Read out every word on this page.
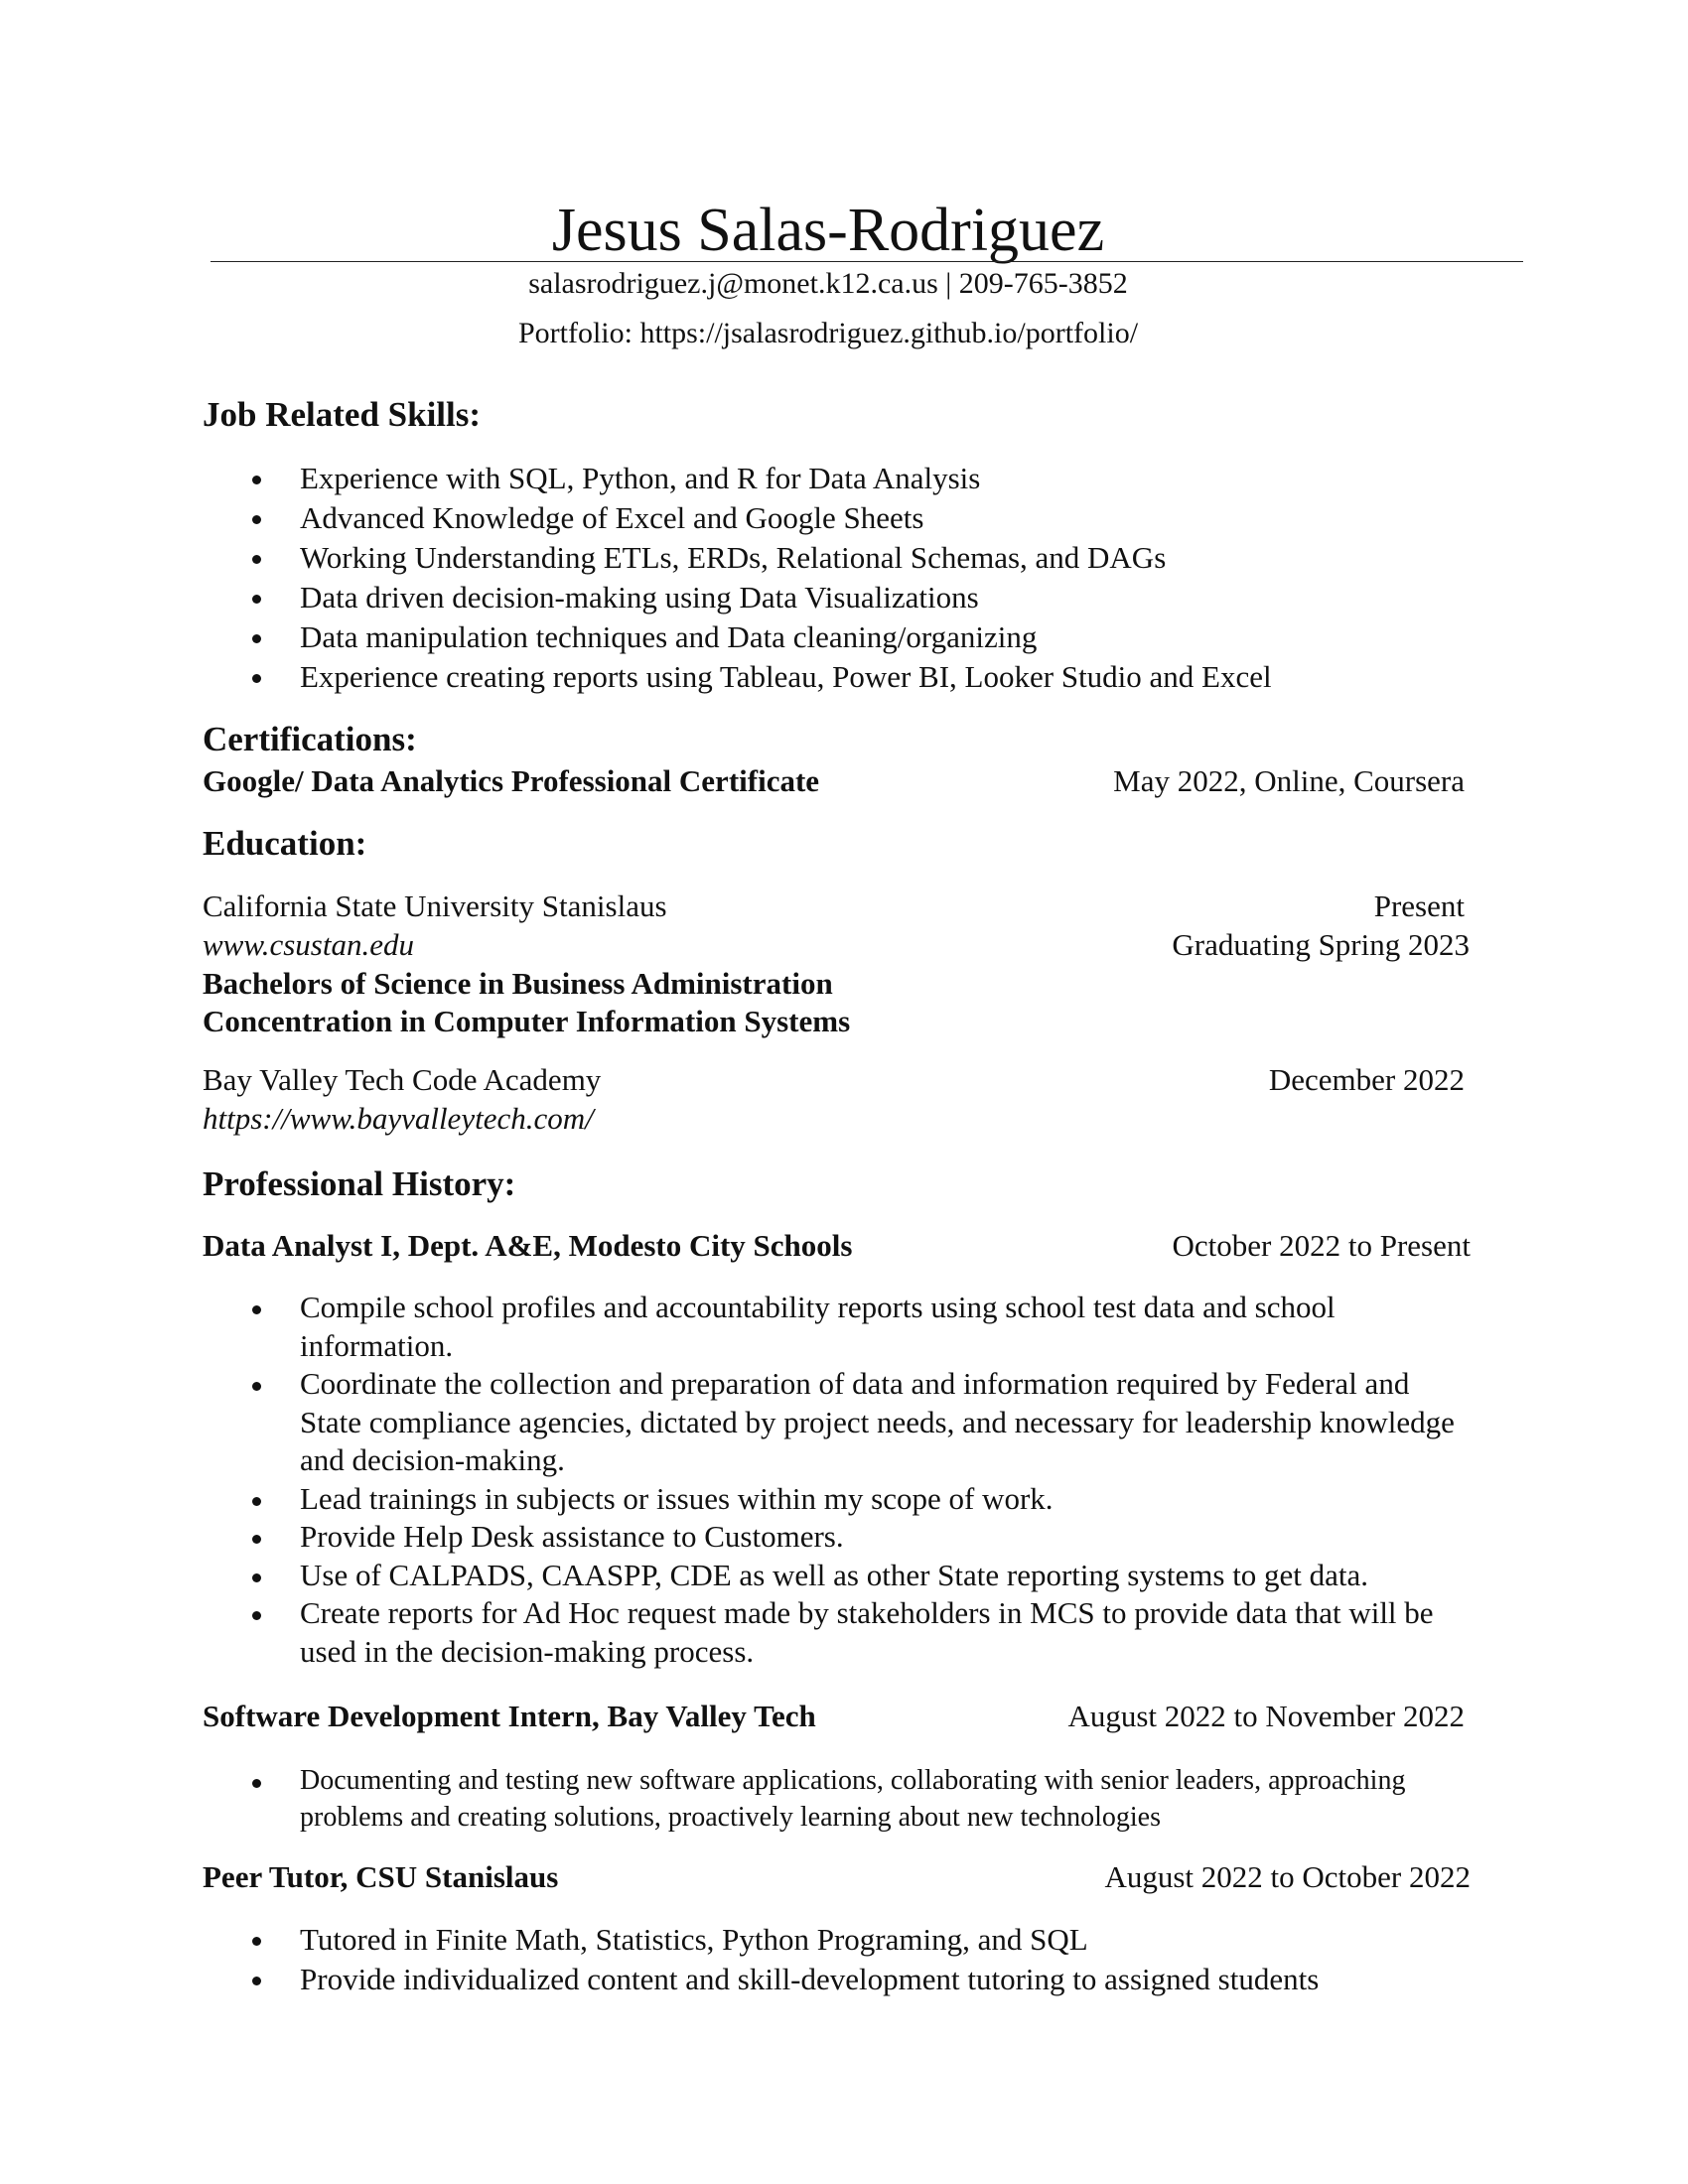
Jesus Salas-Rodriguez
salasrodriguez.j@monet.k12.ca.us | 209-765-3852
Portfolio: https://jsalasrodriguez.github.io/portfolio/
Job Related Skills:
Experience with SQL, Python, and R for Data Analysis
Advanced Knowledge of Excel and Google Sheets
Working Understanding ETLs, ERDs, Relational Schemas, and DAGs
Data driven decision-making using Data Visualizations
Data manipulation techniques and Data cleaning/organizing
Experience creating reports using Tableau, Power BI, Looker Studio and Excel
Certifications:
Google/ Data Analytics Professional Certificate	May 2022, Online, Coursera
Education:
California State University Stanislaus	Present
www.csustan.edu	Graduating Spring 2023
Bachelors of Science in Business Administration
Concentration in Computer Information Systems
Bay Valley Tech Code Academy	December 2022
https://www.bayvalleytech.com/
Professional History:
Data Analyst I, Dept. A&E, Modesto City Schools	October 2022 to Present
Compile school profiles and accountability reports using school test data and school information.
Coordinate the collection and preparation of data and information required by Federal and State compliance agencies, dictated by project needs, and necessary for leadership knowledge and decision-making.
Lead trainings in subjects or issues within my scope of work.
Provide Help Desk assistance to Customers.
Use of CALPADS, CAASPP, CDE as well as other State reporting systems to get data.
Create reports for Ad Hoc request made by stakeholders in MCS to provide data that will be used in the decision-making process.
Software Development Intern, Bay Valley Tech	August 2022 to November 2022
Documenting and testing new software applications, collaborating with senior leaders, approaching problems and creating solutions, proactively learning about new technologies
Peer Tutor, CSU Stanislaus	August 2022 to October 2022
Tutored in Finite Math, Statistics, Python Programing, and SQL
Provide individualized content and skill-development tutoring to assigned students
